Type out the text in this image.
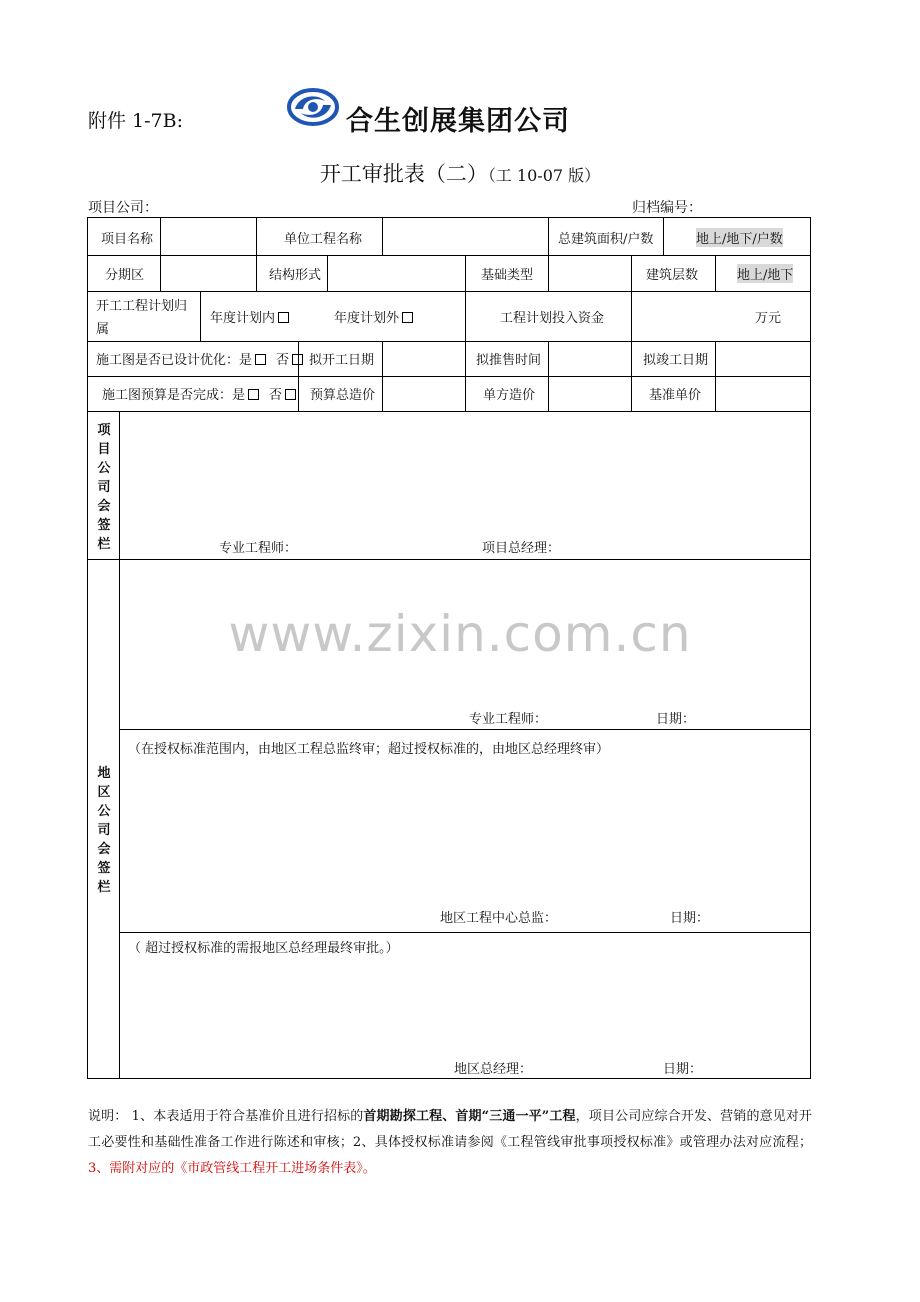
附件 1-7B:	合生创展集团公司
开工审批表（二）（工 10-07 版）
项目公司：	归档编号：
项目名称	单位工程名称	总建筑面积/户数	地上/地下/户数
分期区	结构形式	基础类型	建筑层数	地上/地下
开工工程计划归
属
年度计划内	年度计划外	工程计划投入资金	万元
施工图是否已设计优化：是 否	拟开工日期	拟推售时间	拟竣工日期
施工图预算是否完成：是 否	预算总造价	单方造价	基准单价
项目公司会签栏	专业工程师：	项目总经理：
地区公司会签栏
专业工程师：	日期：
（在授权标准范围内，由地区工程总监终审；超过授权标准的，由地区总经理终审）
地区工程中心总监：	日期：
（ 超过授权标准的需报地区总经理最终审批。）
地区总经理：	日期：
www.zixin.com.cn
说明： 1、本表适用于符合基准价且进行招标的首期勘探工程、首期“三通一平”工程，项目公司应综合开发、营销的意见对开工必要性和基础性准备工作进行陈述和审核；2、具体授权标准请参阅《工程管线审批事项授权标准》或管理办法对应流程；3、需附对应的《市政管线工程开工进场条件表》。
